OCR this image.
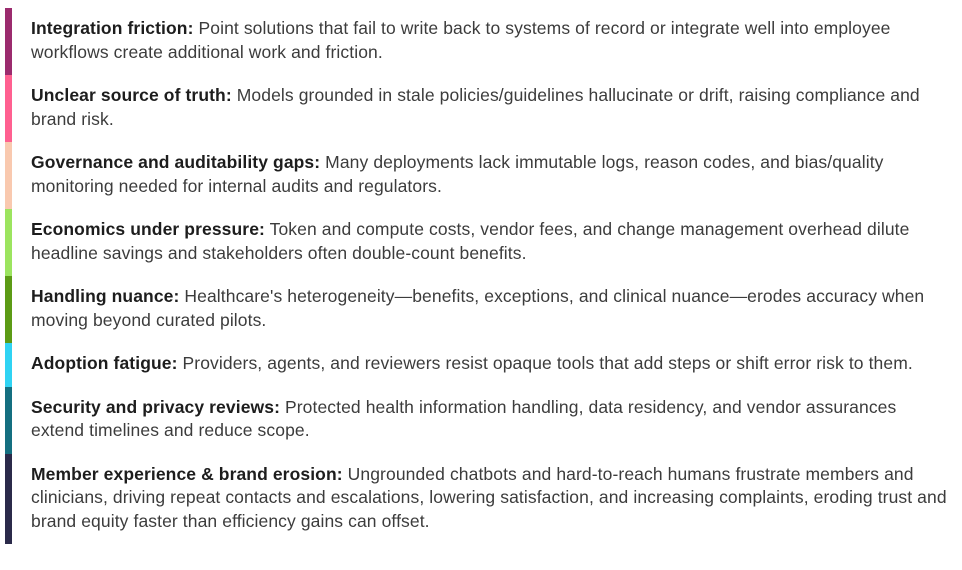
Integration friction: Point solutions that fail to write back to systems of record or integrate well into employee workflows create additional work and friction.

Unclear source of truth: Models grounded in stale policies/guidelines hallucinate or drift, raising compliance and brand risk.

Governance and auditability gaps: Many deployments lack immutable logs, reason codes, and bias/quality monitoring needed for internal audits and regulators.

Economics under pressure: Token and compute costs, vendor fees, and change management overhead dilute headline savings and stakeholders often double-count benefits.

Handling nuance: Healthcare's heterogeneity—benefits, exceptions, and clinical nuance—erodes accuracy when moving beyond curated pilots.

Adoption fatigue: Providers, agents, and reviewers resist opaque tools that add steps or shift error risk to them.

Security and privacy reviews: Protected health information handling, data residency, and vendor assurances extend timelines and reduce scope.

Member experience & brand erosion: Ungrounded chatbots and hard-to-reach humans frustrate members and clinicians, driving repeat contacts and escalations, lowering satisfaction, and increasing complaints, eroding trust and brand equity faster than efficiency gains can offset.
